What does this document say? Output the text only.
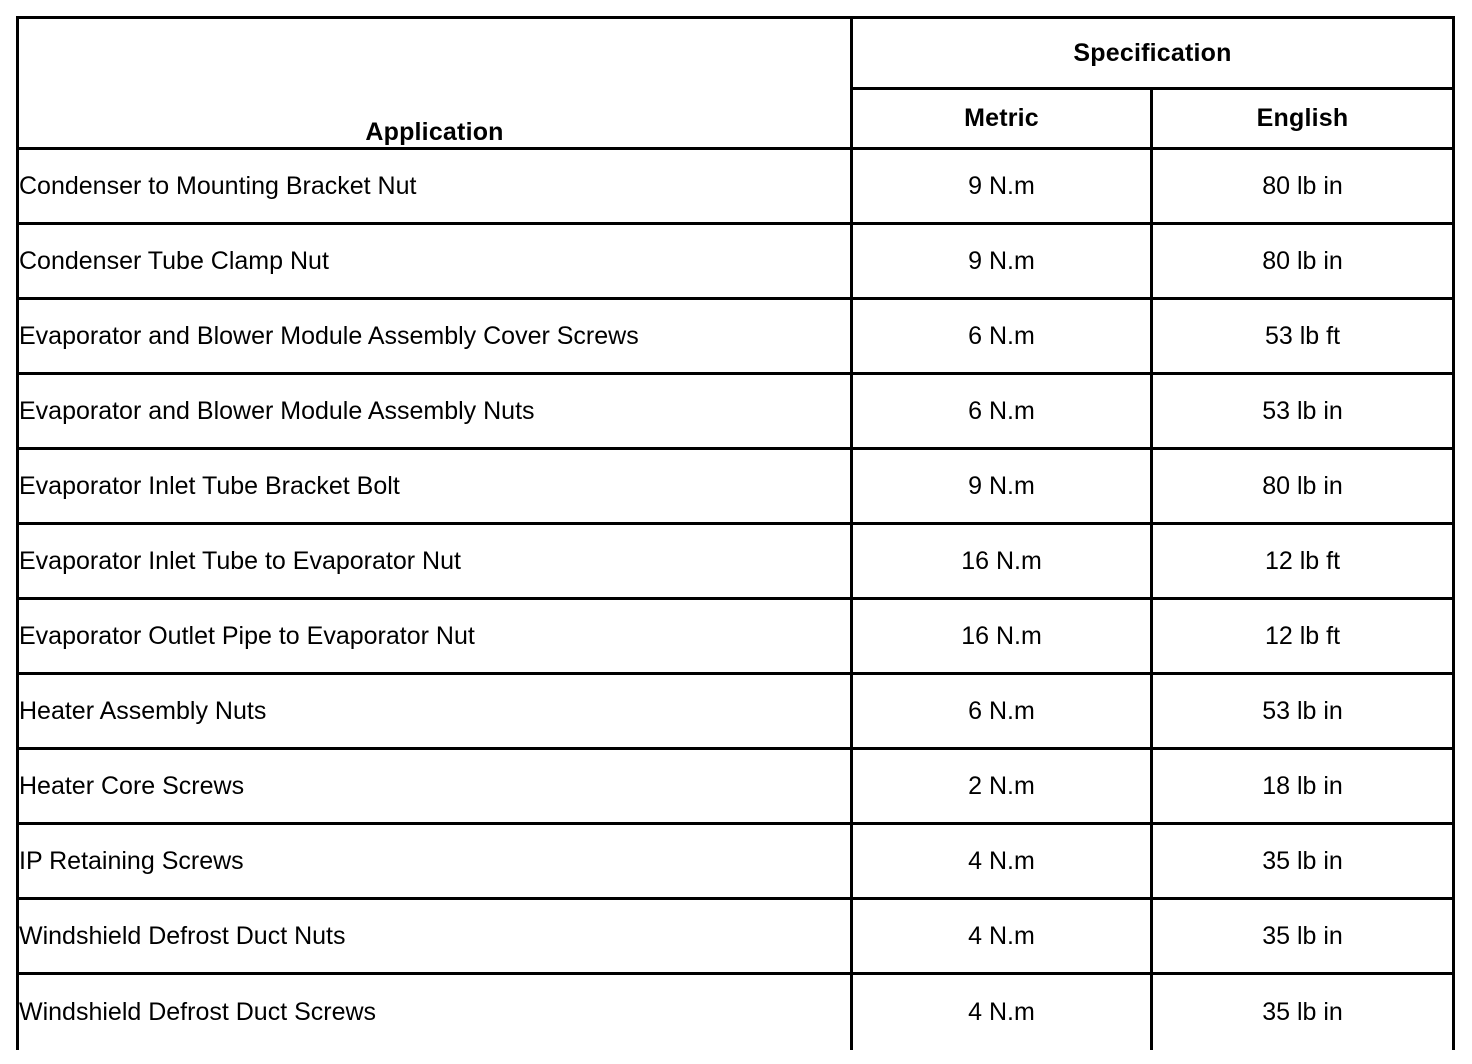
Application	Specification	
	Metric	English
Condenser to Mounting Bracket Nut	9 N.m	80 lb in
Condenser Tube Clamp Nut	9 N.m	80 lb in
Evaporator and Blower Module Assembly Cover Screws	6 N.m	53 lb ft
Evaporator and Blower Module Assembly Nuts	6 N.m	53 lb in
Evaporator Inlet Tube Bracket Bolt	9 N.m	80 lb in
Evaporator Inlet Tube to Evaporator Nut	16 N.m	12 lb ft
Evaporator Outlet Pipe to Evaporator Nut	16 N.m	12 lb ft
Heater Assembly Nuts	6 N.m	53 lb in
Heater Core Screws	2 N.m	18 lb in
IP Retaining Screws	4 N.m	35 lb in
Windshield Defrost Duct Nuts	4 N.m	35 lb in
Windshield Defrost Duct Screws	4 N.m	35 lb in
